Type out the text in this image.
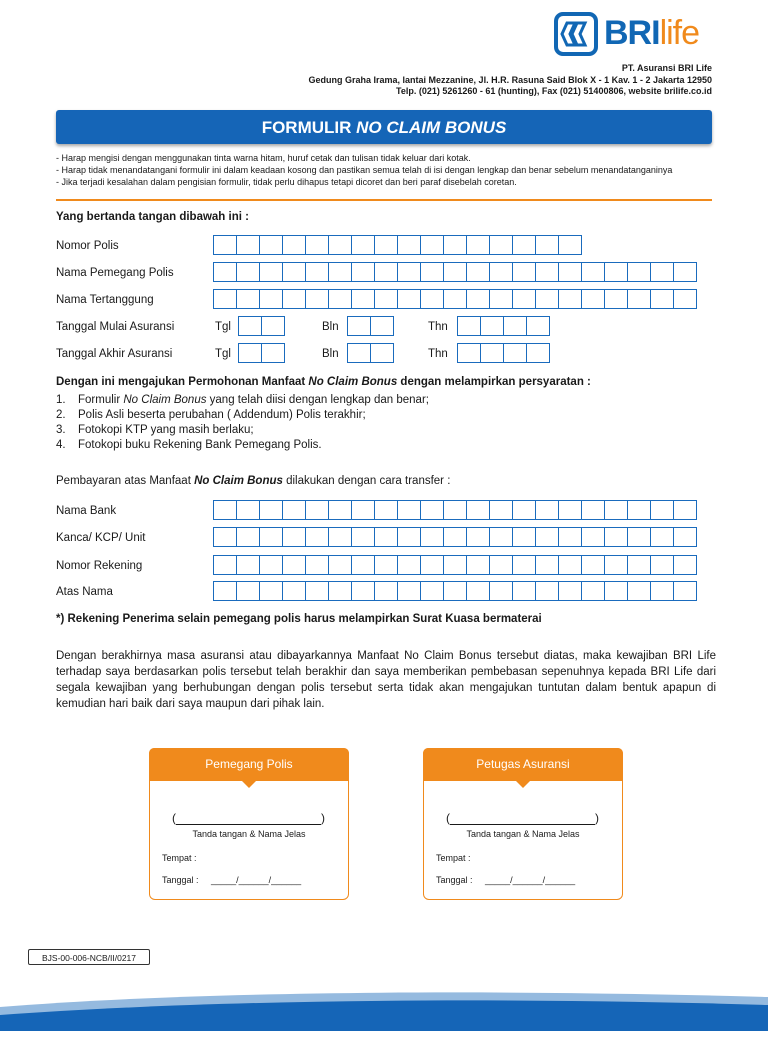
BRIlife
PT. Asuransi BRI Life
Gedung Graha Irama, lantai Mezzanine, Jl. H.R. Rasuna Said Blok X - 1 Kav. 1 - 2 Jakarta 12950
Telp. (021) 5261260 - 61 (hunting), Fax (021) 51400806, website brilife.co.id
FORMULIR NO CLAIM BONUS
- Harap mengisi dengan menggunakan tinta warna hitam, huruf cetak dan tulisan tidak keluar dari kotak.
- Harap tidak menandatangani formulir ini dalam keadaan kosong dan pastikan semua telah di isi dengan lengkap dan benar sebelum menandatanganinya
- Jika terjadi kesalahan dalam pengisian formulir, tidak perlu dihapus tetapi dicoret dan beri paraf disebelah coretan.
Yang bertanda tangan dibawah ini :
Nomor Polis
Nama Pemegang Polis
Nama Tertanggung
Tanggal Mulai Asuransi	Tgl	Bln	Thn
Tanggal Akhir Asuransi	Tgl	Bln	Thn
Dengan ini mengajukan Permohonan Manfaat No Claim Bonus dengan melampirkan persyaratan :
1. Formulir No Claim Bonus yang telah diisi dengan lengkap dan benar;
2. Polis Asli beserta perubahan ( Addendum) Polis terakhir;
3. Fotokopi KTP yang masih berlaku;
4. Fotokopi buku Rekening Bank Pemegang Polis.
Pembayaran atas Manfaat No Claim Bonus dilakukan dengan cara transfer :
Nama Bank
Kanca/ KCP/ Unit
Nomor Rekening
Atas Nama
*) Rekening Penerima selain pemegang polis harus melampirkan Surat Kuasa bermaterai
Dengan berakhirnya masa asuransi atau dibayarkannya Manfaat No Claim Bonus tersebut diatas, maka kewajiban BRI Life terhadap saya berdasarkan polis tersebut telah berakhir dan saya memberikan pembebasan sepenuhnya kepada BRI Life dari segala kewajiban yang berhubungan dengan polis tersebut serta tidak akan mengajukan tuntutan dalam bentuk apapun di kemudian hari baik dari saya maupun dari pihak lain.
Pemegang Polis
(	)
Tanda tangan & Nama Jelas
Tempat :
Tanggal : _____/______/______
Petugas Asuransi
(	)
Tanda tangan & Nama Jelas
Tempat :
Tanggal : _____/______/______
BJS-00-006-NCB/II/0217
